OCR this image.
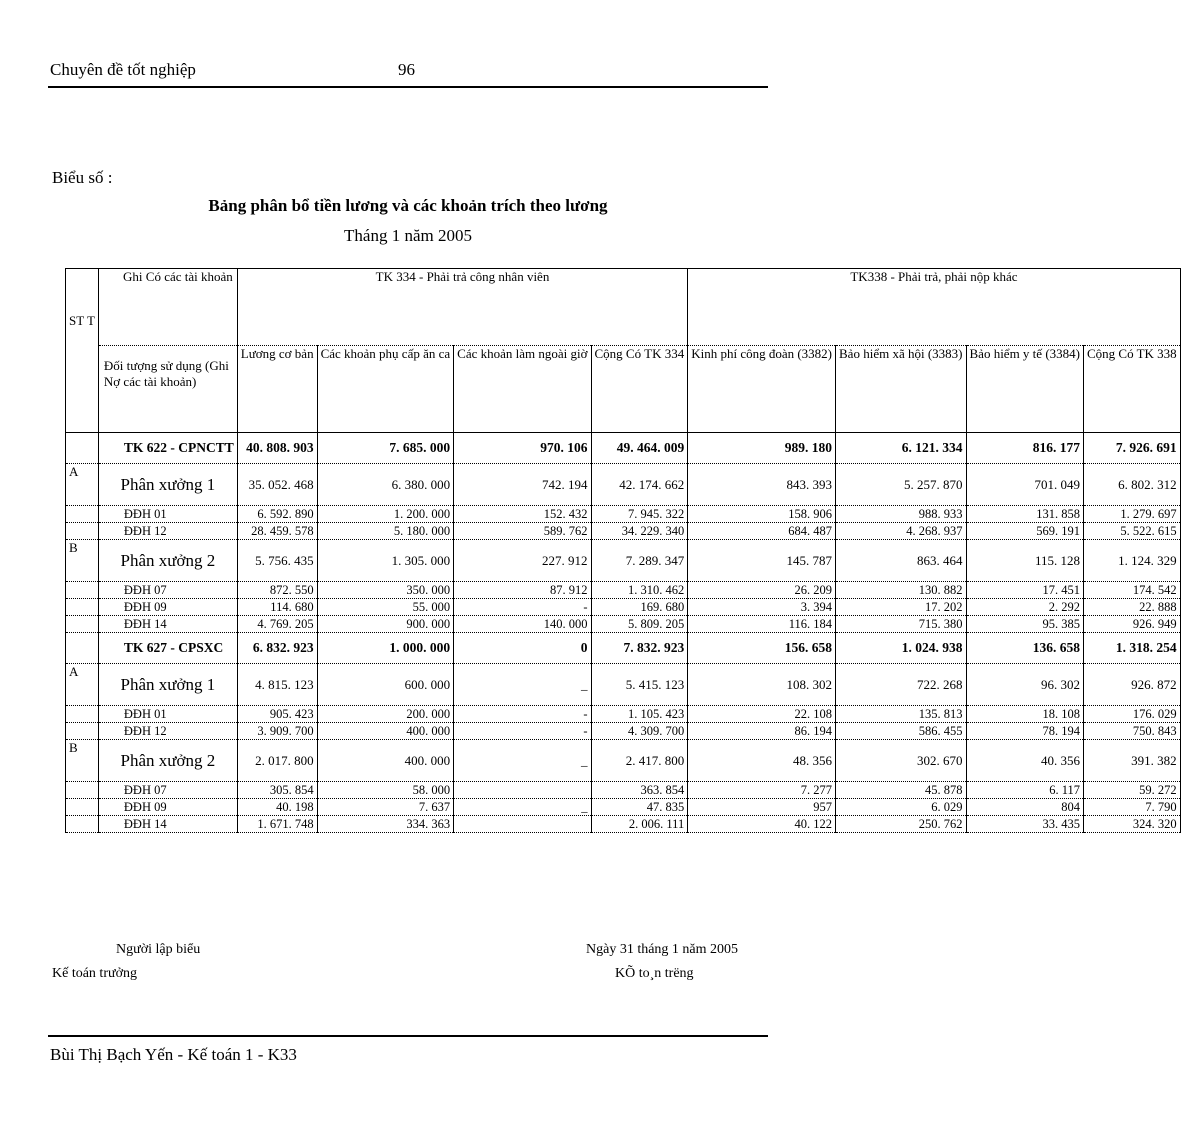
Chuyên đề tốt nghiệp	96
Biểu số :
Bảng phân bổ tiền lương và các khoản trích theo lương
Tháng 1 năm 2005
ST T	Ghi Có các tài khoản	TK 334 - Phải trả công nhân viên				TK338 - Phải trả, phải nộp khác			
	Đối tượng sử dụng (Ghi Nợ các tài khoản)	Lương cơ bản	Các khoản phụ cấp ăn ca	Các khoản làm ngoài giờ	Cộng Có TK 334	Kinh phí công đoàn (3382)	Bảo hiểm xã hội (3383)	Bảo hiểm y tế (3384)	Cộng Có TK 338
	TK 622 - CPNCTT	40. 808. 903	7. 685. 000	970. 106	49. 464. 009	989. 180	6. 121. 334	816. 177	7. 926. 691
A	Phân xưởng 1	35. 052. 468	6. 380. 000	742. 194	42. 174. 662	843. 393	5. 257. 870	701. 049	6. 802. 312
	ĐĐH 01	6. 592. 890	1. 200. 000	152. 432	7. 945. 322	158. 906	988. 933	131. 858	1. 279. 697
	ĐĐH 12	28. 459. 578	5. 180. 000	589. 762	34. 229. 340	684. 487	4. 268. 937	569. 191	5. 522. 615
B	Phân xưởng 2	5. 756. 435	1. 305. 000	227. 912	7. 289. 347	145. 787	863. 464	115. 128	1. 124. 329
	ĐĐH 07	872. 550	350. 000	87. 912	1. 310. 462	26. 209	130. 882	17. 451	174. 542
	ĐĐH 09	114. 680	55. 000	-	169. 680	3. 394	17. 202	2. 292	22. 888
	ĐĐH 14	4. 769. 205	900. 000	140. 000	5. 809. 205	116. 184	715. 380	95. 385	926. 949
	TK 627 - CPSXC	6. 832. 923	1. 000. 000	0	7. 832. 923	156. 658	1. 024. 938	136. 658	1. 318. 254
A	Phân xưởng 1	4. 815. 123	600. 000	_	5. 415. 123	108. 302	722. 268	96. 302	926. 872
	ĐĐH 01	905. 423	200. 000	-	1. 105. 423	22. 108	135. 813	18. 108	176. 029
	ĐĐH 12	3. 909. 700	400. 000	-	4. 309. 700	86. 194	586. 455	78. 194	750. 843
B	Phân xưởng 2	2. 017. 800	400. 000	_	2. 417. 800	48. 356	302. 670	40. 356	391. 382
	ĐĐH 07	305. 854	58. 000		363. 854	7. 277	45. 878	6. 117	59. 272
	ĐĐH 09	40. 198	7. 637	_	47. 835	957	6. 029	804	7. 790
	ĐĐH 14	1. 671. 748	334. 363		2. 006. 111	40. 122	250. 762	33. 435	324. 320
Người lập biểu
Kế toán trưởng
Ngày 31 tháng 1 năm 2005
KÕ to¸n trëng
Bùi Thị Bạch Yến - Kế toán 1 - K33
